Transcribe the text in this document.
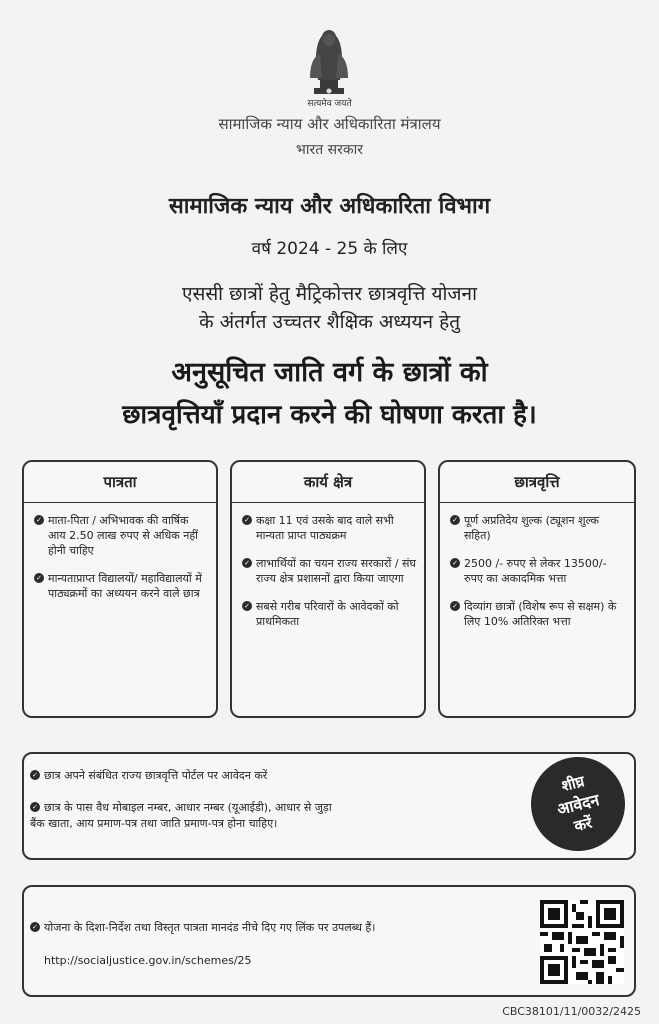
सत्यमेव जयते
सामाजिक न्याय और अधिकारिता मंत्रालय
भारत सरकार
सामाजिक न्याय और अधिकारिता विभाग
वर्ष 2024 - 25 के लिए
एससी छात्रों हेतु मैट्रिकोत्तर छात्रवृत्ति योजना
के अंतर्गत उच्चतर शैक्षिक अध्ययन हेतु
अनुसूचित जाति वर्ग के छात्रों को
छात्रवृत्तियाँ प्रदान करने की घोषणा करता है।
पात्रता
✓ माता-पिता / अभिभावक की वार्षिक आय 2.50 लाख रुपए से अधिक नहीं होनी चाहिए
✓ मान्यताप्राप्त विद्यालयों/ महाविद्यालयों में पाठ्यक्रमों का अध्ययन करने वाले छात्र
कार्य क्षेत्र
✓ कक्षा 11 एवं उसके बाद वाले सभी मान्यता प्राप्त पाठ्यक्रम
✓ लाभार्थियों का चयन राज्य सरकारों / संघ राज्य क्षेत्र प्रशासनों द्वारा किया जाएगा
✓ सबसे गरीब परिवारों के आवेदकों को प्राथमिकता
छात्रवृत्ति
✓ पूर्ण अप्रतिदेय शुल्क (ट्यूशन शुल्क सहित)
✓ 2500 /- रुपए से लेकर 13500/- रुपए का अकादमिक भत्ता
✓ दिव्यांग छात्रों (विशेष रूप से सक्षम) के लिए 10% अतिरिक्त भत्ता
✓ छात्र अपने संबंधित राज्य छात्रवृत्ति पोर्टल पर आवेदन करें
✓ छात्र के पास वैध मोबाइल नम्बर, आधार नम्बर (यूआईडी), आधार से जुड़ा
बैंक खाता, आय प्रमाण-पत्र तथा जाति प्रमाण-पत्र होना चाहिए।
शीघ्र
आवेदन
करें
✓ योजना के दिशा-निर्देश तथा विस्तृत पात्रता मानदंड नीचे दिए गए लिंक पर उपलब्ध हैं।
http://socialjustice.gov.in/schemes/25
CBC38101/11/0032/2425
